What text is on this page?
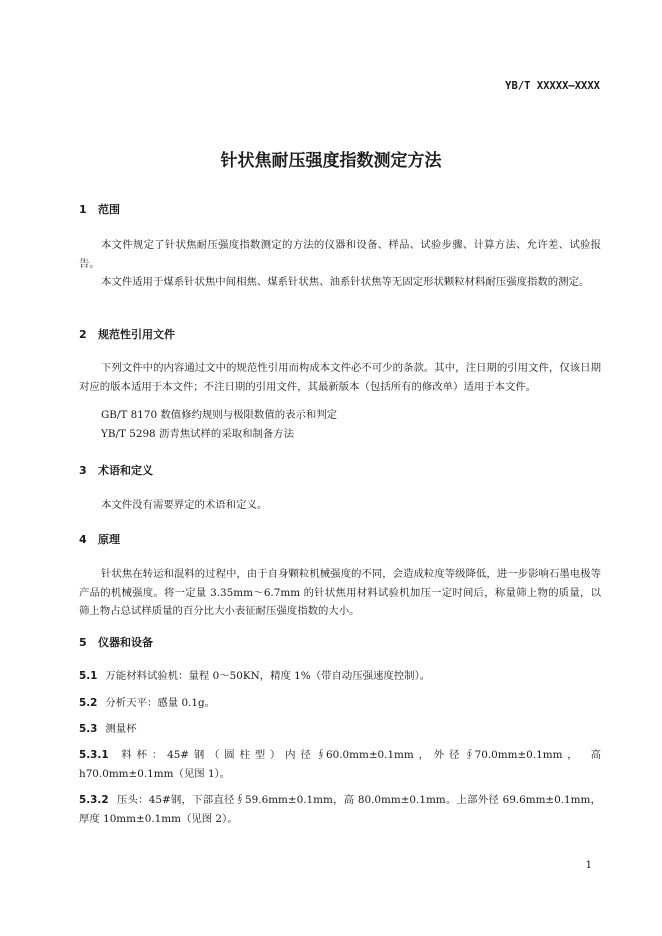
YB/T XXXXX—XXXX
针状焦耐压强度指数测定方法
1 范围

本文件规定了针状焦耐压强度指数测定的方法的仪器和设备、样品、试验步骤、计算方法、允许差、试验报告。

本文件适用于煤系针状焦中间相焦、煤系针状焦、油系针状焦等无固定形状颗粒材料耐压强度指数的测定。

2 规范性引用文件

下列文件中的内容通过文中的规范性引用而构成本文件必不可少的条款。其中，注日期的引用文件，仅该日期对应的版本适用于本文件；不注日期的引用文件，其最新版本（包括所有的修改单）适用于本文件。

GB/T 8170 数值修约规则与极限数值的表示和判定
YB/T 5298 沥青焦试样的采取和制备方法
3 术语和定义

本文件没有需要界定的术语和定义。

4 原理

针状焦在转运和混料的过程中，由于自身颗粒机械强度的不同，会造成粒度等级降低，进一步影响石墨电极等产品的机械强度。将一定量 3.35mm～6.7mm 的针状焦用材料试验机加压一定时间后，称量筛上物的质量，以筛上物占总试样质量的百分比大小表征耐压强度指数的大小。

5 仪器和设备
5.1 万能材料试验机：量程 0～50KN，精度 1%（带自动压强速度控制）。
5.2 分析天平：感量 0.1g。
5.3 测量杯
5.3.1 料杯：45#钢（圆柱型）内径∮60.0mm±0.1mm，外径∮70.0mm±0.1mm， 高 h70.0mm±0.1mm（见图 1）。
5.3.2 压头：45#钢，下部直径∮59.6mm±0.1mm，高 80.0mm±0.1mm。上部外径 69.6mm±0.1mm，厚度 10mm±0.1mm（见图 2）。
1
